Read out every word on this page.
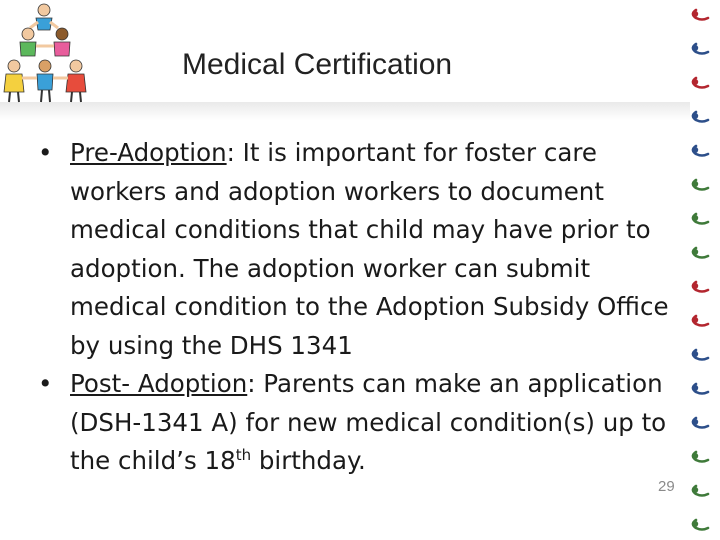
Medical Certification
• Pre-Adoption: It is important for foster care workers and adoption workers to document medical conditions that child may have prior to adoption. The adoption worker can submit medical condition to the Adoption Subsidy Office by using the DHS 1341
• Post- Adoption: Parents can make an application (DSH-1341 A) for new medical condition(s) up to the child’s 18th birthday.
29
